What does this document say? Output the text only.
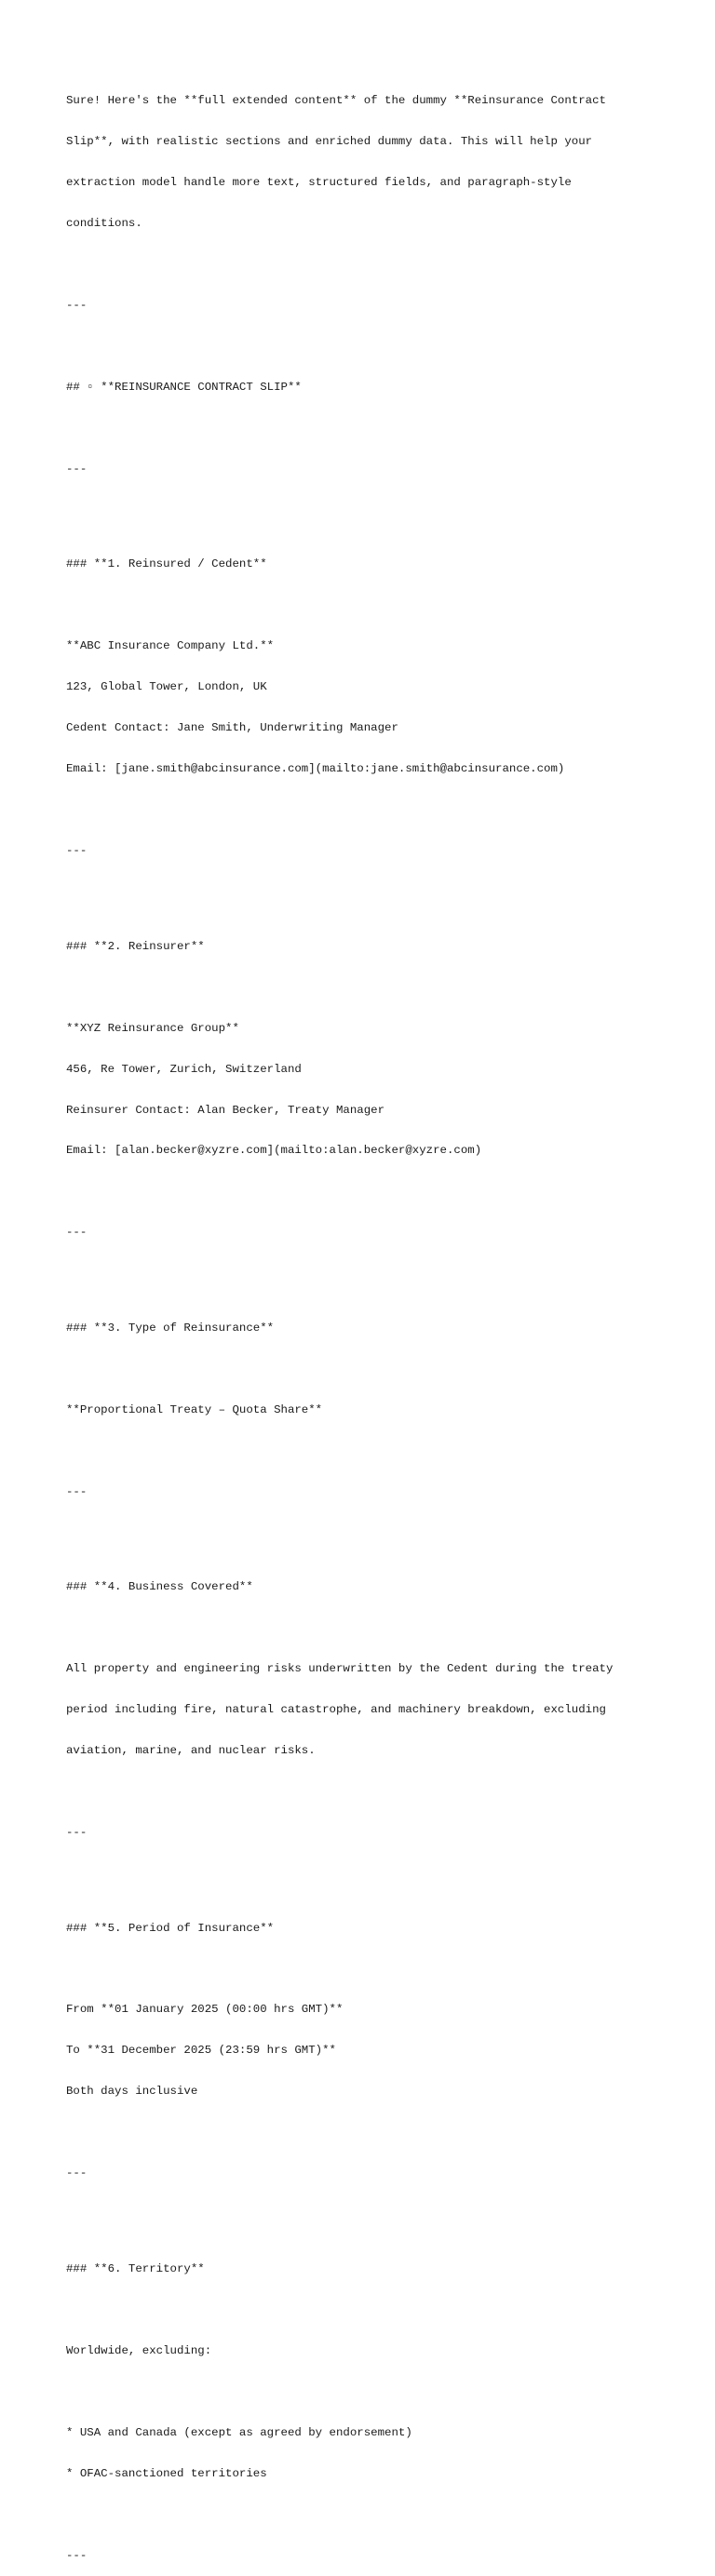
Sure! Here's the **full extended content** of the dummy **Reinsurance Contract

Slip**, with realistic sections and enriched dummy data. This will help your

extraction model handle more text, structured fields, and paragraph-style

conditions.

---

## ▫ **REINSURANCE CONTRACT SLIP**

---

### **1. Reinsured / Cedent**

**ABC Insurance Company Ltd.**

123, Global Tower, London, UK

Cedent Contact: Jane Smith, Underwriting Manager

Email: [jane.smith@abcinsurance.com](mailto:jane.smith@abcinsurance.com)

---

### **2. Reinsurer**

**XYZ Reinsurance Group**

456, Re Tower, Zurich, Switzerland

Reinsurer Contact: Alan Becker, Treaty Manager

Email: [alan.becker@xyzre.com](mailto:alan.becker@xyzre.com)

---

### **3. Type of Reinsurance**

**Proportional Treaty – Quota Share**

---

### **4. Business Covered**

All property and engineering risks underwritten by the Cedent during the treaty

period including fire, natural catastrophe, and machinery breakdown, excluding

aviation, marine, and nuclear risks.

---

### **5. Period of Insurance**

From **01 January 2025 (00:00 hrs GMT)**

To **31 December 2025 (23:59 hrs GMT)**

Both days inclusive

---

### **6. Territory**

Worldwide, excluding:

* USA and Canada (except as agreed by endorsement)

* OFAC-sanctioned territories

---
